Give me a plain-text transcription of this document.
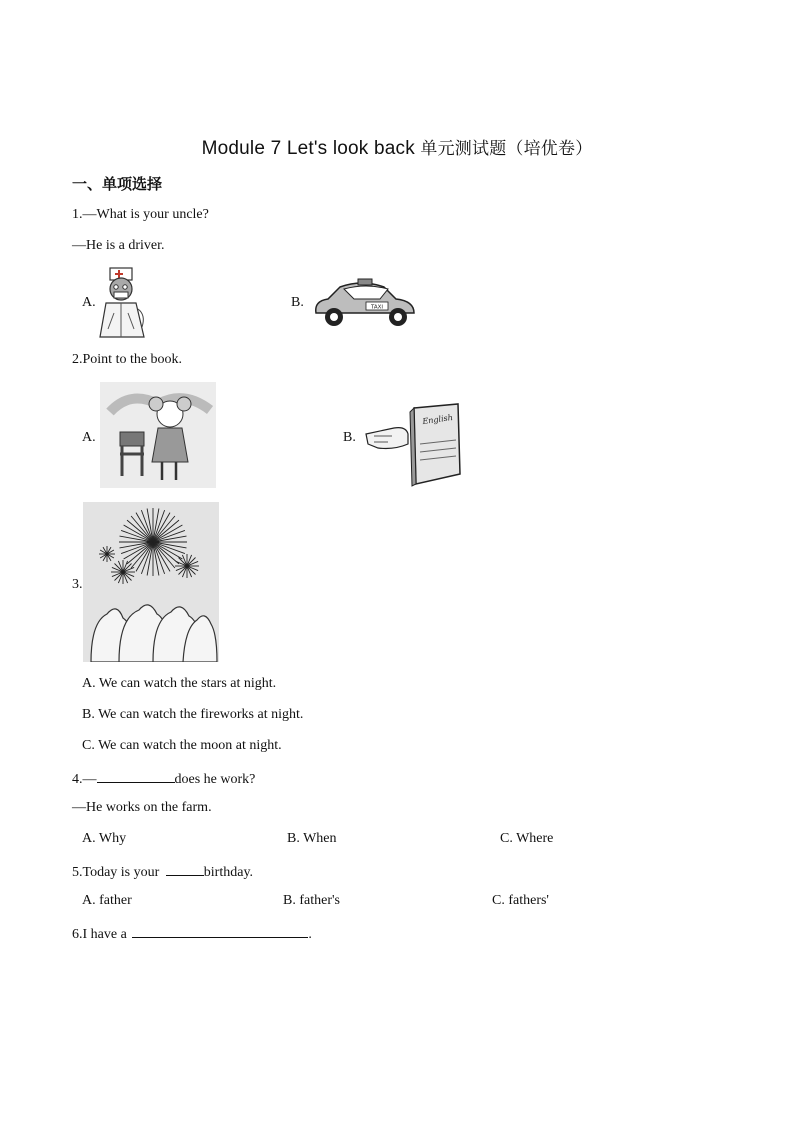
Module 7 Let's look back 单元测试题（培优卷）
一、单项选择
1.—What is your uncle?
—He is a driver.
A.	B.	TAXI
2.Point to the book.
A.	B.
English
3.
A. We can watch the stars at night.
B. We can watch the fireworks at night.
C. We can watch the moon at night.
4.—	does he work?
—He works on the farm.
A. Why	B. When	C. Where
5.Today is your	birthday.
A. father	B. father's	C. fathers'
6.I have a	.
